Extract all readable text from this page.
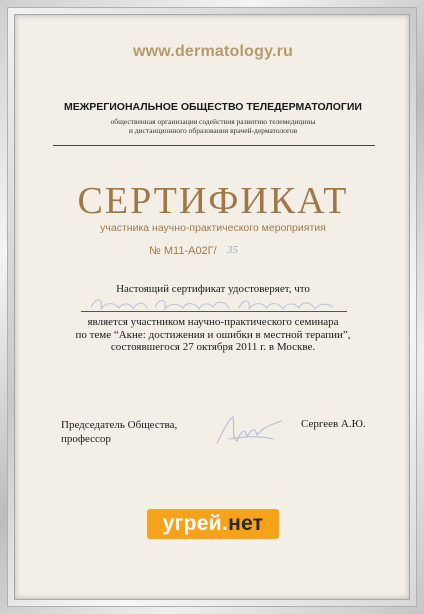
www.dermatology.ru
МЕЖРЕГИОНАЛЬНОЕ ОБЩЕСТВО ТЕЛЕДЕРМАТОЛОГИИ
общественная организация содействия развитию телемедицины
и дистанционного образования врачей-дерматологов
СЕРТИФИКАТ
участника научно-практического мероприятия
№ М11-А02Г/ 35
Настоящий сертификат удостоверяет, что
является участником научно-практического семинара
по теме “Акне: достижения и ошибки в местной терапии”,
состоявшегося 27 октября 2011 г. в Москве.
Председатель Общества,
профессор
Сергеев А.Ю.
угрей.нет
